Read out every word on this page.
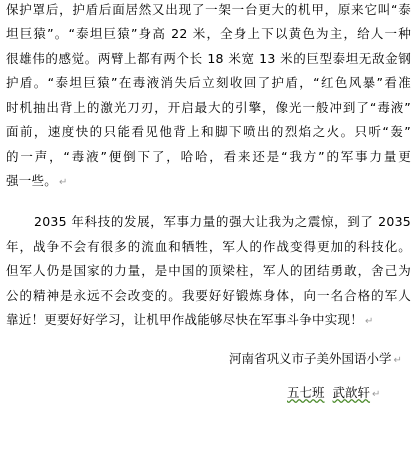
保护罩后，护盾后面居然又出现了一架一台更大的机甲，原来它叫“泰
坦巨猿”。“泰坦巨猿”身高 22 米，全身上下以黄色为主，给人一种
很雄伟的感觉。两臂上都有两个长 18 米宽 13 米的巨型泰坦无敌金钢
护盾。“泰坦巨猿”在毒液消失后立刻收回了护盾，“红色风暴”看准
时机抽出背上的激光刀刃，开启最大的引擎，像光一般冲到了“毒液”
面前，速度快的只能看见他背上和脚下喷出的烈焰之火。只听“轰”
的一声，“毒液”便倒下了，哈哈，看来还是“我方”的军事力量更
强一些。 ↵
2035 年科技的发展，军事力量的强大让我为之震惊，到了 2035
年，战争不会有很多的流血和牺牲，军人的作战变得更加的科技化。
但军人仍是国家的力量，是中国的顶梁柱，军人的团结勇敢，舍己为
公的精神是永远不会改变的。我要好好锻炼身体，向一名合格的军人
靠近！更要好好学习，让机甲作战能够尽快在军事斗争中实现！ ↵
河南省巩义市子美外国语小学 ↵
五七班 武歆轩 ↵
